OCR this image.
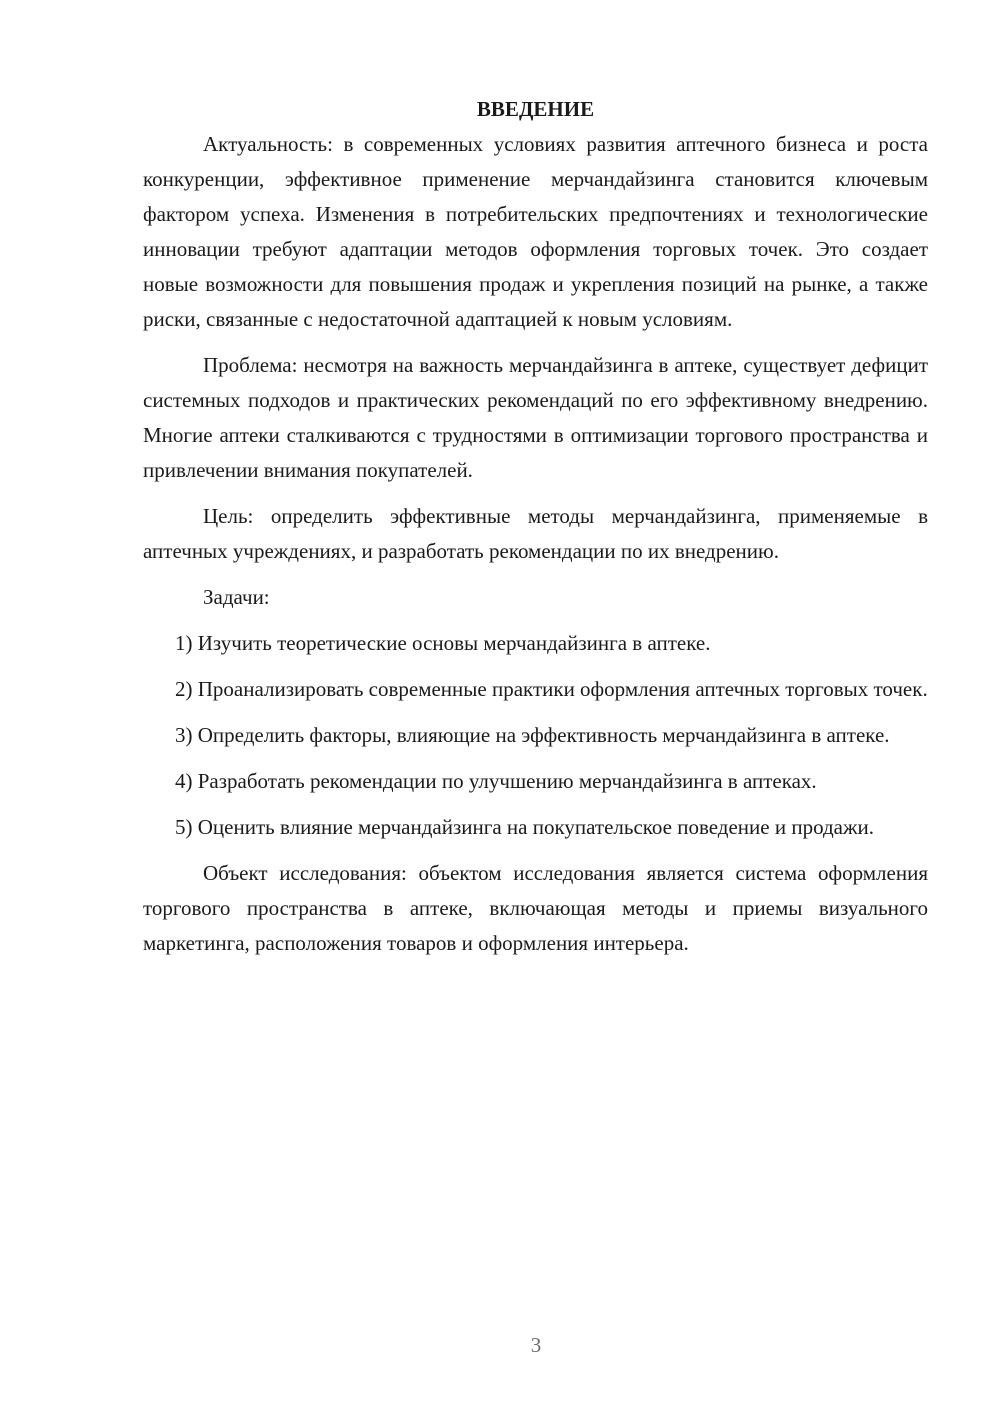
ВВЕДЕНИЕ

Актуальность: в современных условиях развития аптечного бизнеса и роста конкуренции, эффективное применение мерчандайзинга становится ключевым фактором успеха. Изменения в потребительских предпочтениях и технологические инновации требуют адаптации методов оформления торговых точек. Это создает новые возможности для повышения продаж и укрепления позиций на рынке, а также риски, связанные с недостаточной адаптацией к новым условиям.

Проблема: несмотря на важность мерчандайзинга в аптеке, существует дефицит системных подходов и практических рекомендаций по его эффективному внедрению. Многие аптеки сталкиваются с трудностями в оптимизации торгового пространства и привлечении внимания покупателей.

Цель: определить эффективные методы мерчандайзинга, применяемые в аптечных учреждениях, и разработать рекомендации по их внедрению.

Задачи:

1) Изучить теоретические основы мерчандайзинга в аптеке.

2) Проанализировать современные практики оформления аптечных торговых точек.

3) Определить факторы, влияющие на эффективность мерчандайзинга в аптеке.

4) Разработать рекомендации по улучшению мерчандайзинга в аптеках.

5) Оценить влияние мерчандайзинга на покупательское поведение и продажи.

Объект исследования: объектом исследования является система оформления торгового пространства в аптеке, включающая методы и приемы визуального маркетинга, расположения товаров и оформления интерьера.

3
